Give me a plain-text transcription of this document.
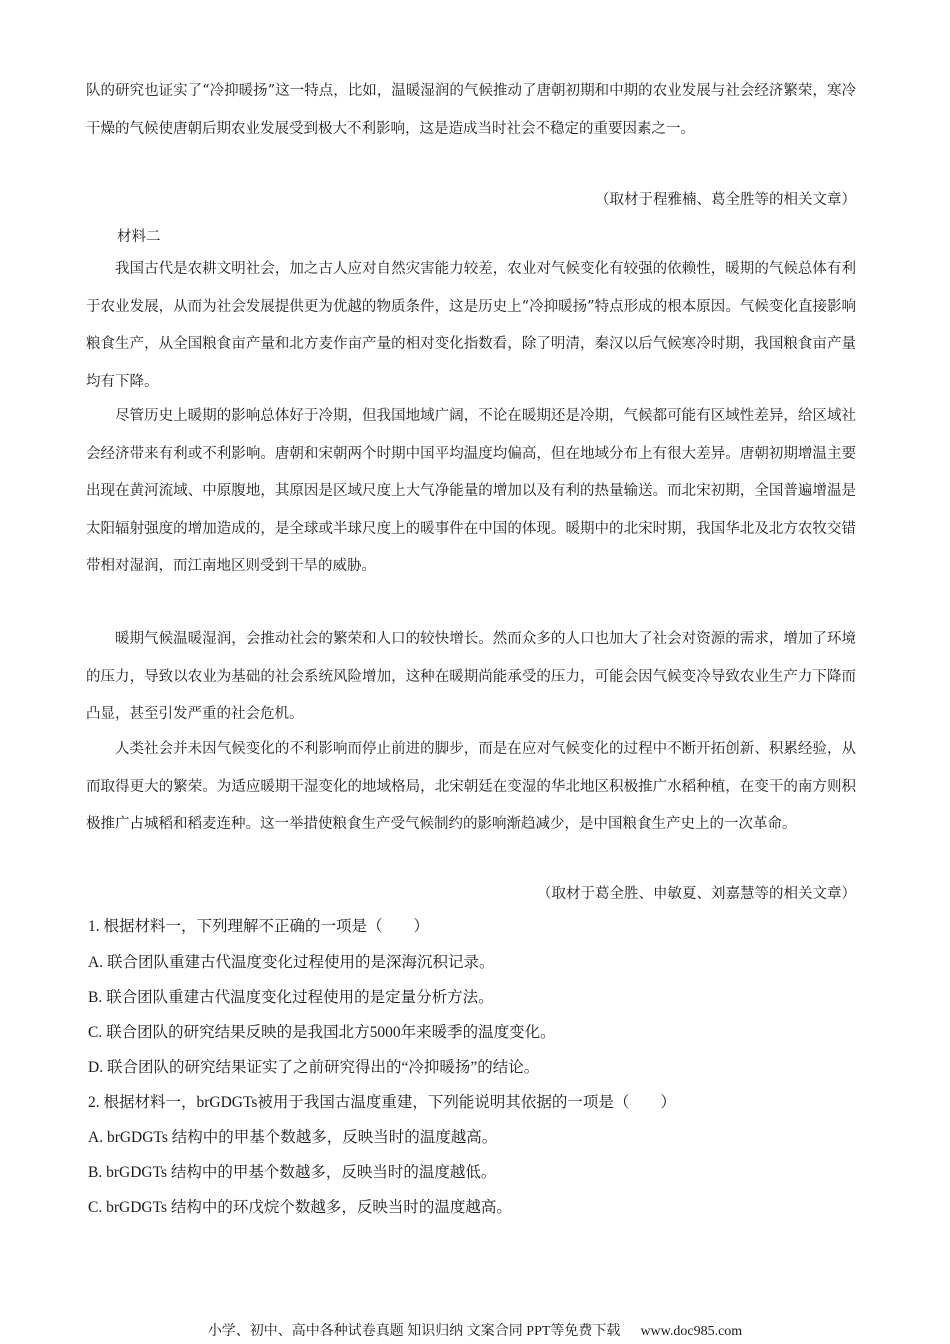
队的研究也证实了“冷抑暖扬”这一特点，比如，温暖湿润的气候推动了唐朝初期和中期的农业发展与社会经济繁荣，寒冷干燥的气候使唐朝后期农业发展受到极大不利影响，这是造成当时社会不稳定的重要因素之一。

（取材于程雅楠、葛全胜等的相关文章）
材料二

我国古代是农耕文明社会，加之古人应对自然灾害能力较差，农业对气候变化有较强的依赖性，暖期的气候总体有利于农业发展，从而为社会发展提供更为优越的物质条件，这是历史上“冷抑暖扬”特点形成的根本原因。气候变化直接影响粮食生产，从全国粮食亩产量和北方麦作亩产量的相对变化指数看，除了明清，秦汉以后气候寒冷时期，我国粮食亩产量均有下降。

尽管历史上暖期的影响总体好于冷期，但我国地域广阔，不论在暖期还是冷期，气候都可能有区域性差异，给区域社会经济带来有利或不利影响。唐朝和宋朝两个时期中国平均温度均偏高，但在地域分布上有很大差异。唐朝初期增温主要出现在黄河流域、中原腹地，其原因是区域尺度上大气净能量的增加以及有利的热量输送。而北宋初期，全国普遍增温是太阳辐射强度的增加造成的，是全球或半球尺度上的暖事件在中国的体现。暖期中的北宋时期，我国华北及北方农牧交错带相对湿润，而江南地区则受到干旱的威胁。

暖期气候温暖湿润，会推动社会的繁荣和人口的较快增长。然而众多的人口也加大了社会对资源的需求，增加了环境的压力，导致以农业为基础的社会系统风险增加，这种在暖期尚能承受的压力，可能会因气候变冷导致农业生产力下降而凸显，甚至引发严重的社会危机。

人类社会并未因气候变化的不利影响而停止前进的脚步，而是在应对气候变化的过程中不断开拓创新、积累经验，从而取得更大的繁荣。为适应暖期干湿变化的地域格局，北宋朝廷在变湿的华北地区积极推广水稻种植，在变干的南方则积极推广占城稻和稻麦连种。这一举措使粮食生产受气候制约的影响渐趋减少，是中国粮食生产史上的一次革命。

（取材于葛全胜、申敏夏、刘嘉慧等的相关文章）
1. 根据材料一，下列理解不正确的一项是（　　）
A. 联合团队重建古代温度变化过程使用的是深海沉积记录。
B. 联合团队重建古代温度变化过程使用的是定量分析方法。
C. 联合团队的研究结果反映的是我国北方5000年来暖季的温度变化。
D. 联合团队的研究结果证实了之前研究得出的“冷抑暖扬”的结论。
2. 根据材料一，brGDGTs被用于我国古温度重建，下列能说明其依据的一项是（　　）
A. brGDGTs 结构中的甲基个数越多，反映当时的温度越高。
B. brGDGTs 结构中的甲基个数越多，反映当时的温度越低。
C. brGDGTs 结构中的环戊烷个数越多，反映当时的温度越高。
小学、初中、高中各种试卷真题 知识归纳 文案合同 PPT等免费下载 www.doc985.com
